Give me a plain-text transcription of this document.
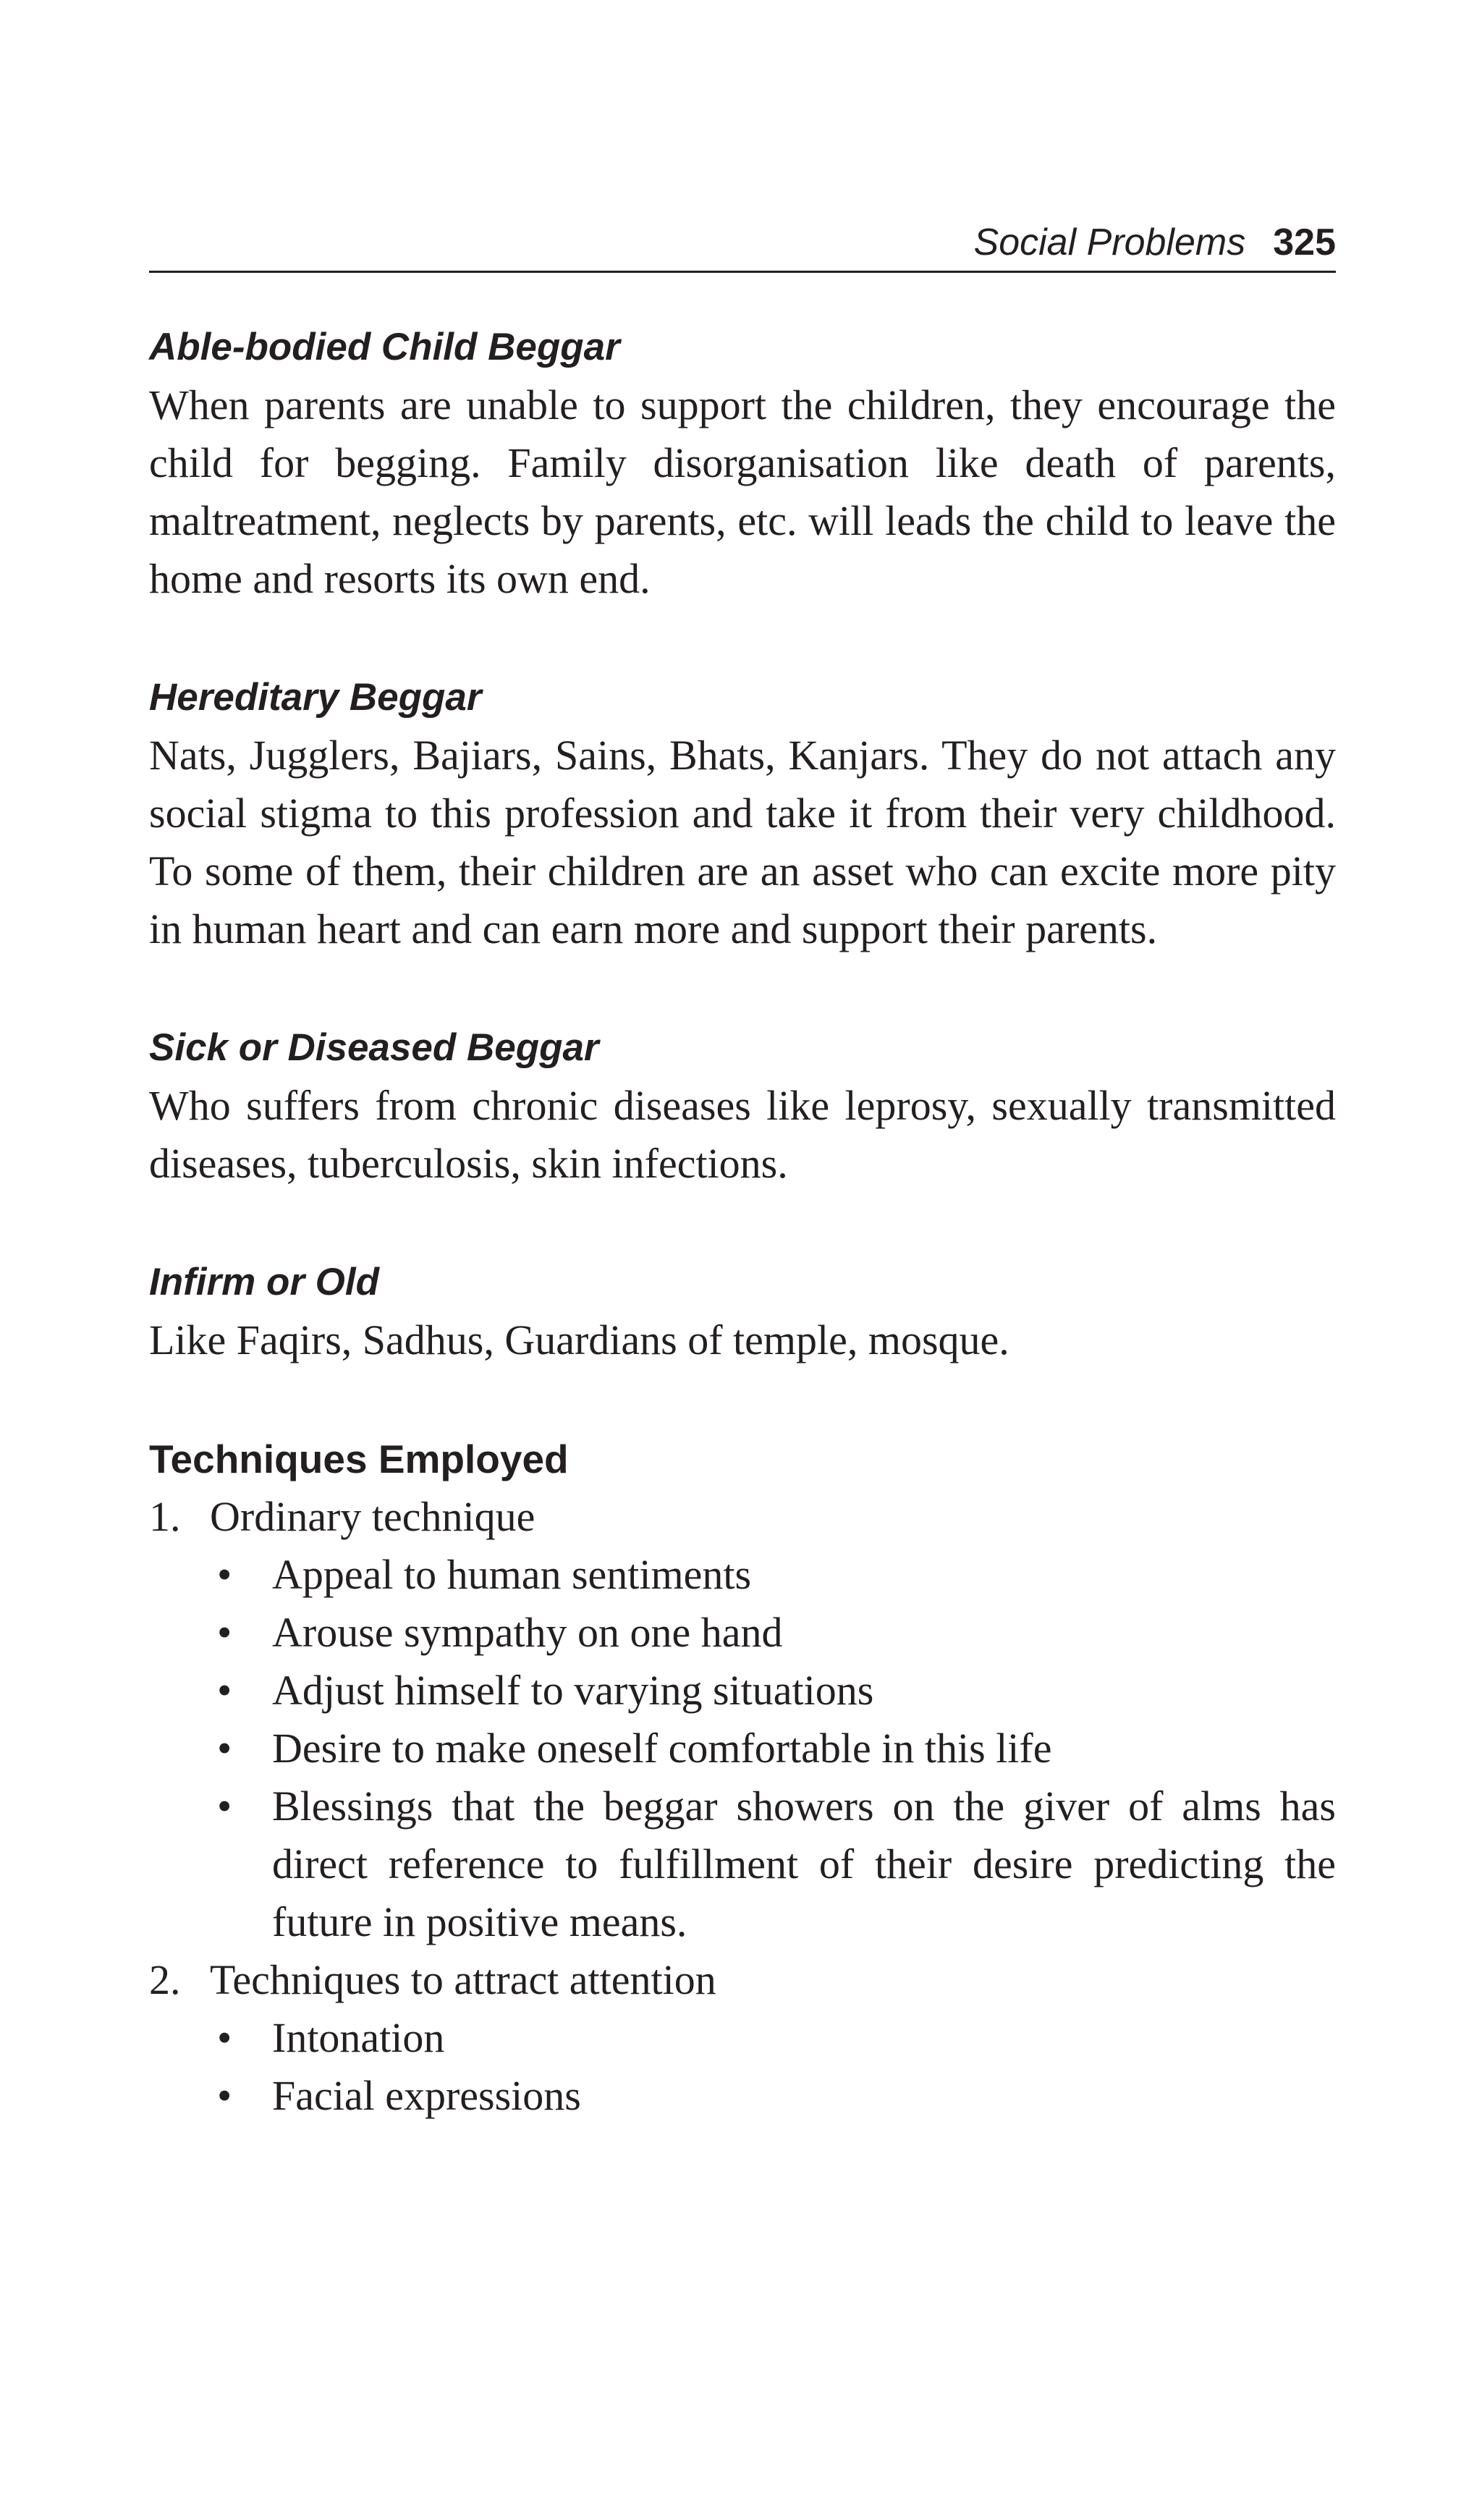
Social Problems 325
Able-bodied Child Beggar

When parents are unable to support the children, they encourage the child for begging. Family disorganisation like death of parents, maltreatment, neglects by parents, etc. will leads the child to leave the home and resorts its own end.

Hereditary Beggar

Nats, Jugglers, Bajiars, Sains, Bhats, Kanjars. They do not attach any social stigma to this profession and take it from their very childhood. To some of them, their children are an asset who can excite more pity in human heart and can earn more and support their parents.

Sick or Diseased Beggar

Who suffers from chronic diseases like leprosy, sexually transmitted diseases, tuberculosis, skin infections.

Infirm or Old

Like Faqirs, Sadhus, Guardians of temple, mosque.

Techniques Employed
1. Ordinary technique
• Appeal to human sentiments
• Arouse sympathy on one hand
• Adjust himself to varying situations
• Desire to make oneself comfortable in this life
• Blessings that the beggar showers on the giver of alms has direct reference to fulfillment of their desire predicting the future in positive means.
2. Techniques to attract attention
• Intonation
• Facial expressions
